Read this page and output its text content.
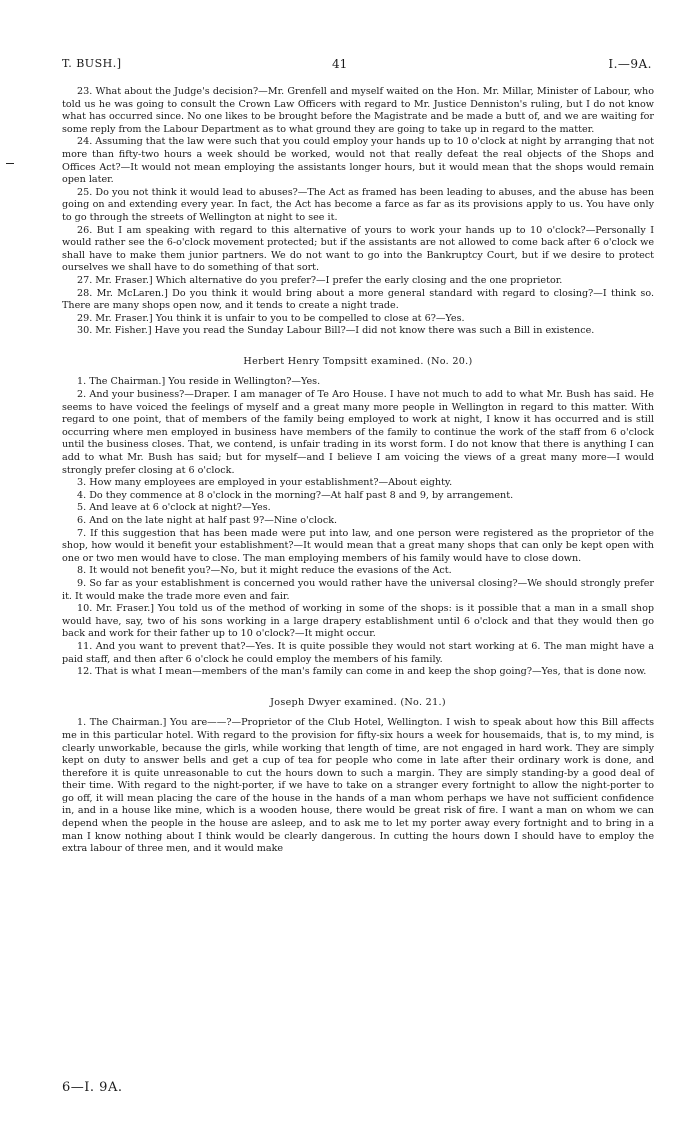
T. BUSH.]	41	I.—9A.

23. What about the Judge's decision?—Mr. Grenfell and myself waited on the Hon. Mr. Millar, Minister of Labour, who told us he was going to consult the Crown Law Officers with regard to Mr. Justice Denniston's ruling, but I do not know what has occurred since. No one likes to be brought before the Magistrate and be made a butt of, and we are waiting for some reply from the Labour Department as to what ground they are going to take up in regard to the matter.

24. Assuming that the law were such that you could employ your hands up to 10 o'clock at night by arranging that not more than fifty-two hours a week should be worked, would not that really defeat the real objects of the Shops and Offices Act?—It would not mean employing the assistants longer hours, but it would mean that the shops would remain open later.

25. Do you not think it would lead to abuses?—The Act as framed has been leading to abuses, and the abuse has been going on and extending every year. In fact, the Act has become a farce as far as its provisions apply to us. You have only to go through the streets of Wellington at night to see it.

26. But I am speaking with regard to this alternative of yours to work your hands up to 10 o'clock?—Personally I would rather see the 6-o'clock movement protected; but if the assistants are not allowed to come back after 6 o'clock we shall have to make them junior partners. We do not want to go into the Bankruptcy Court, but if we desire to protect ourselves we shall have to do something of that sort.

27. Mr. Fraser.] Which alternative do you prefer?—I prefer the early closing and the one proprietor.

28. Mr. McLaren.] Do you think it would bring about a more general standard with regard to closing?—I think so. There are many shops open now, and it tends to create a night trade.

29. Mr. Fraser.] You think it is unfair to you to be compelled to close at 6?—Yes.

30. Mr. Fisher.] Have you read the Sunday Labour Bill?—I did not know there was such a Bill in existence.

Herbert Henry Tompsitt examined. (No. 20.)

1. The Chairman.] You reside in Wellington?—Yes.

2. And your business?—Draper. I am manager of Te Aro House. I have not much to add to what Mr. Bush has said. He seems to have voiced the feelings of myself and a great many more people in Wellington in regard to this matter. With regard to one point, that of members of the family being employed to work at night, I know it has occurred and is still occurring where men employed in business have members of the family to continue the work of the staff from 6 o'clock until the business closes. That, we contend, is unfair trading in its worst form. I do not know that there is anything I can add to what Mr. Bush has said; but for myself—and I believe I am voicing the views of a great many more—I would strongly prefer closing at 6 o'clock.

3. How many employees are employed in your establishment?—About eighty.

4. Do they commence at 8 o'clock in the morning?—At half past 8 and 9, by arrangement.

5. And leave at 6 o'clock at night?—Yes.

6. And on the late night at half past 9?—Nine o'clock.

7. If this suggestion that has been made were put into law, and one person were registered as the proprietor of the shop, how would it benefit your establishment?—It would mean that a great many shops that can only be kept open with one or two men would have to close. The man employing members of his family would have to close down.

8. It would not benefit you?—No, but it might reduce the evasions of the Act.

9. So far as your establishment is concerned you would rather have the universal closing?—We should strongly prefer it. It would make the trade more even and fair.

10. Mr. Fraser.] You told us of the method of working in some of the shops: is it possible that a man in a small shop would have, say, two of his sons working in a large drapery establishment until 6 o'clock and that they would then go back and work for their father up to 10 o'clock?—It might occur.

11. And you want to prevent that?—Yes. It is quite possible they would not start working at 6. The man might have a paid staff, and then after 6 o'clock he could employ the members of his family.

12. That is what I mean—members of the man's family can come in and keep the shop going?—Yes, that is done now.

Joseph Dwyer examined. (No. 21.)

1. The Chairman.] You are——?—Proprietor of the Club Hotel, Wellington. I wish to speak about how this Bill affects me in this particular hotel. With regard to the provision for fifty-six hours a week for housemaids, that is, to my mind, is clearly unworkable, because the girls, while working that length of time, are not engaged in hard work. They are simply kept on duty to answer bells and get a cup of tea for people who come in late after their ordinary work is done, and therefore it is quite unreasonable to cut the hours down to such a margin. They are simply standing-by a good deal of their time. With regard to the night-porter, if we have to take on a stranger every fortnight to allow the night-porter to go off, it will mean placing the care of the house in the hands of a man whom perhaps we have not sufficient confidence in, and in a house like mine, which is a wooden house, there would be great risk of fire. I want a man on whom we can depend when the people in the house are asleep, and to ask me to let my porter away every fortnight and to bring in a man I know nothing about I think would be clearly dangerous. In cutting the hours down I should have to employ the extra labour of three men, and it would make

6—I. 9A.
